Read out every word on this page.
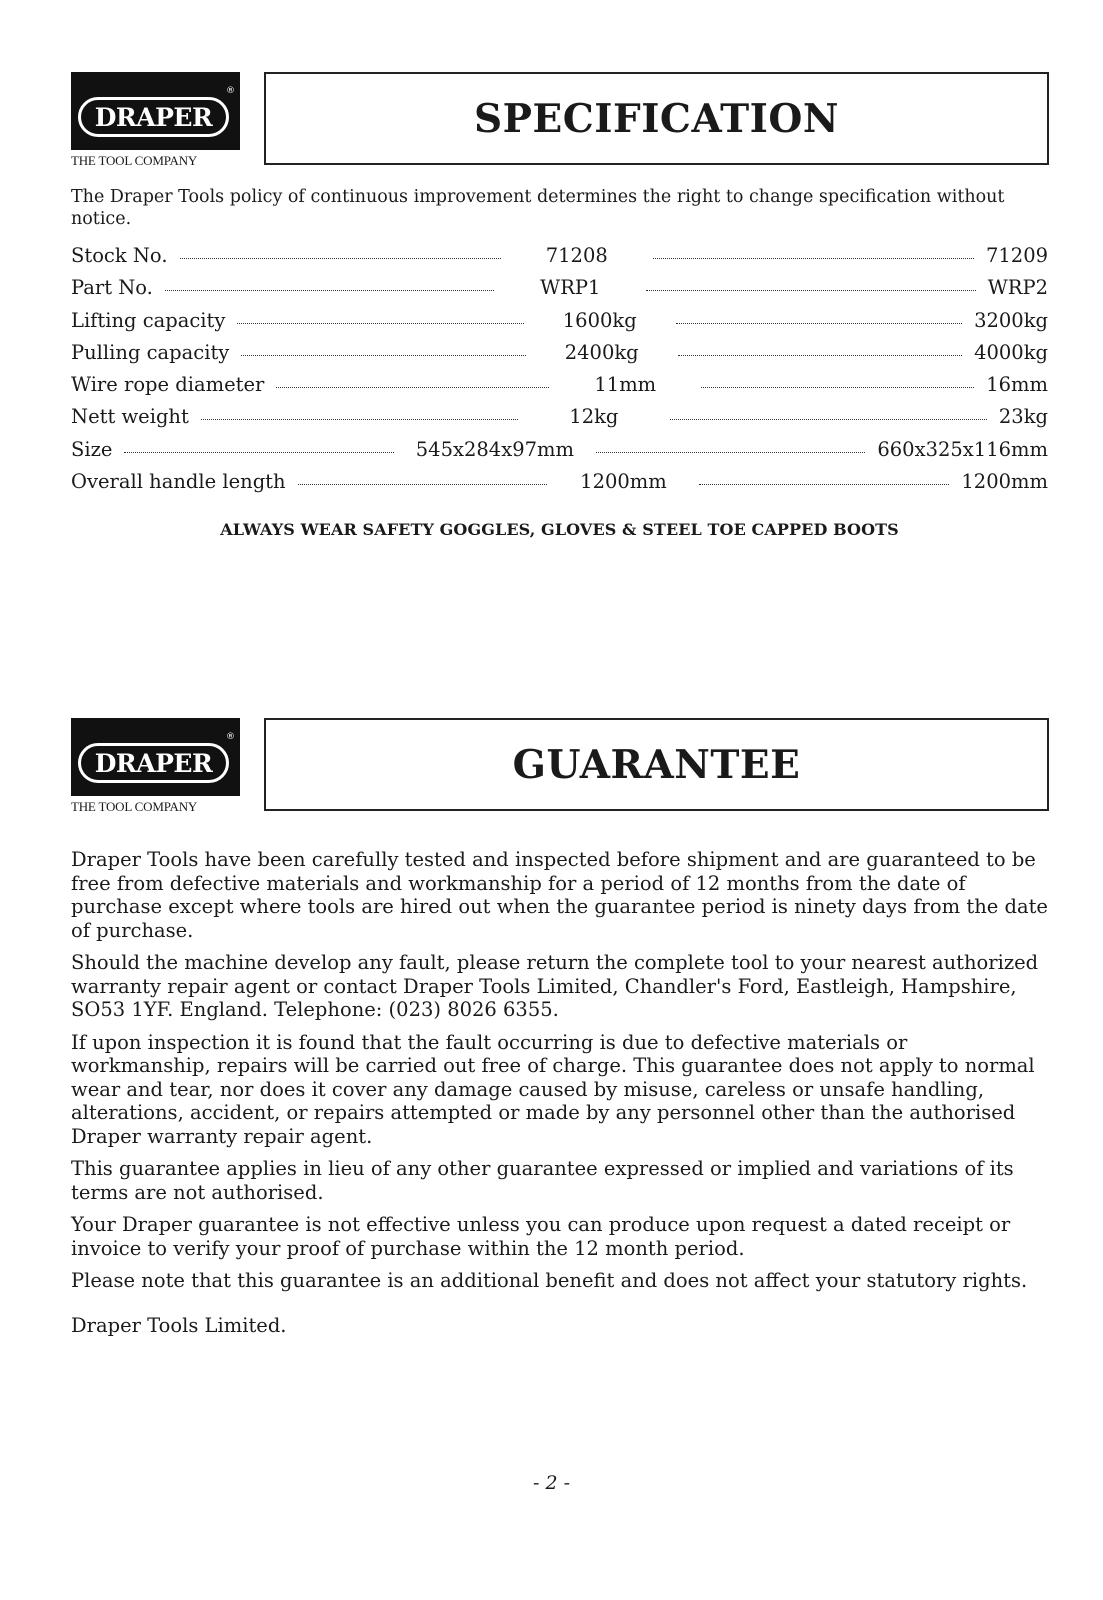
®
DRAPER
THE TOOL COMPANY
SPECIFICATION

The Draper Tools policy of continuous improvement determines the right to change specification without notice.

Stock No.	71208	71209
Part No.	WRP1	WRP2
Lifting capacity	1600kg	3200kg
Pulling capacity	2400kg	4000kg
Wire rope diameter	11mm	16mm
Nett weight	12kg	23kg
Size	545x284x97mm	660x325x116mm
Overall handle length	1200mm	1200mm

ALWAYS WEAR SAFETY GOGGLES, GLOVES & STEEL TOE CAPPED BOOTS

®
DRAPER
THE TOOL COMPANY
GUARANTEE

Draper Tools have been carefully tested and inspected before shipment and are guaranteed to be free from defective materials and workmanship for a period of 12 months from the date of purchase except where tools are hired out when the guarantee period is ninety days from the date of purchase.

Should the machine develop any fault, please return the complete tool to your nearest authorized warranty repair agent or contact Draper Tools Limited, Chandler's Ford, Eastleigh, Hampshire, SO53 1YF. England. Telephone: (023) 8026 6355.

If upon inspection it is found that the fault occurring is due to defective materials or workmanship, repairs will be carried out free of charge. This guarantee does not apply to normal wear and tear, nor does it cover any damage caused by misuse, careless or unsafe handling, alterations, accident, or repairs attempted or made by any personnel other than the authorised Draper warranty repair agent.

This guarantee applies in lieu of any other guarantee expressed or implied and variations of its terms are not authorised.

Your Draper guarantee is not effective unless you can produce upon request a dated receipt or invoice to verify your proof of purchase within the 12 month period.

Please note that this guarantee is an additional benefit and does not affect your statutory rights.

Draper Tools Limited.

- 2 -
